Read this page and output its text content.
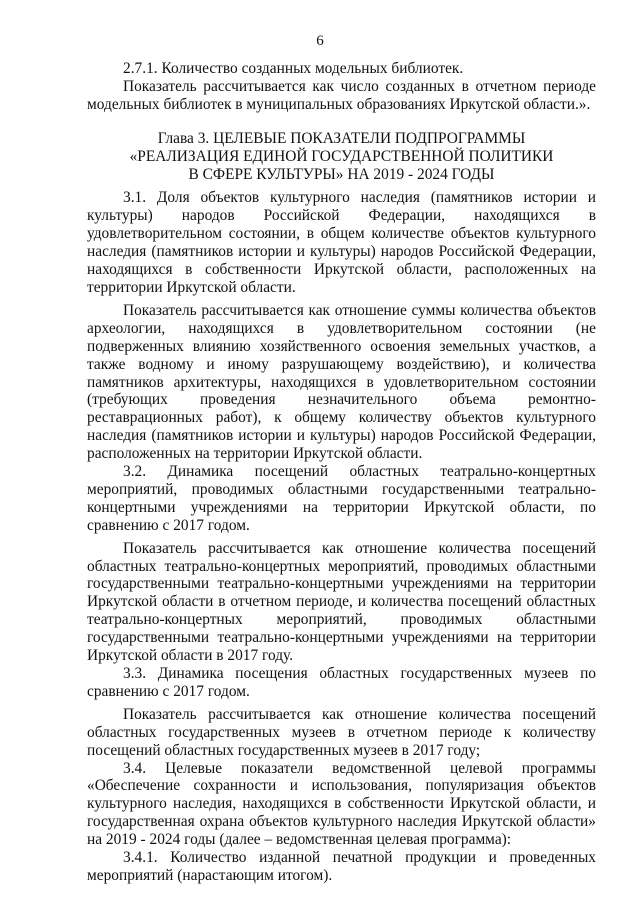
6

2.7.1. Количество созданных модельных библиотек.

Показатель рассчитывается как число созданных в отчетном периоде модельных библиотек в муниципальных образованиях Иркутской области.».

Глава 3. ЦЕЛЕВЫЕ ПОКАЗАТЕЛИ ПОДПРОГРАММЫ
«РЕАЛИЗАЦИЯ ЕДИНОЙ ГОСУДАРСТВЕННОЙ ПОЛИТИКИ
В СФЕРЕ КУЛЬТУРЫ» НА 2019 - 2024 ГОДЫ

3.1. Доля объектов культурного наследия (памятников истории и культуры) народов Российской Федерации, находящихся в удовлетворительном состоянии, в общем количестве объектов культурного наследия (памятников истории и культуры) народов Российской Федерации, находящихся в собственности Иркутской области, расположенных на территории Иркутской области.

Показатель рассчитывается как отношение суммы количества объектов археологии, находящихся в удовлетворительном состоянии (не подверженных влиянию хозяйственного освоения земельных участков, а также водному и иному разрушающему воздействию), и количества памятников архитектуры, находящихся в удовлетворительном состоянии (требующих проведения незначительного объема ремонтно-реставрационных работ), к общему количеству объектов культурного наследия (памятников истории и культуры) народов Российской Федерации, расположенных на территории Иркутской области.

3.2. Динамика посещений областных театрально-концертных мероприятий, проводимых областными государственными театрально-концертными учреждениями на территории Иркутской области, по сравнению с 2017 годом.

Показатель рассчитывается как отношение количества посещений областных театрально-концертных мероприятий, проводимых областными государственными театрально-концертными учреждениями на территории Иркутской области в отчетном периоде, и количества посещений областных театрально-концертных мероприятий, проводимых областными государственными театрально-концертными учреждениями на территории Иркутской области в 2017 году.

3.3. Динамика посещения областных государственных музеев по сравнению с 2017 годом.

Показатель рассчитывается как отношение количества посещений областных государственных музеев в отчетном периоде к количеству посещений областных государственных музеев в 2017 году;

3.4. Целевые показатели ведомственной целевой программы «Обеспечение сохранности и использования, популяризация объектов культурного наследия, находящихся в собственности Иркутской области, и государственная охрана объектов культурного наследия Иркутской области» на 2019 - 2024 годы (далее – ведомственная целевая программа):

3.4.1. Количество изданной печатной продукции и проведенных мероприятий (нарастающим итогом).
